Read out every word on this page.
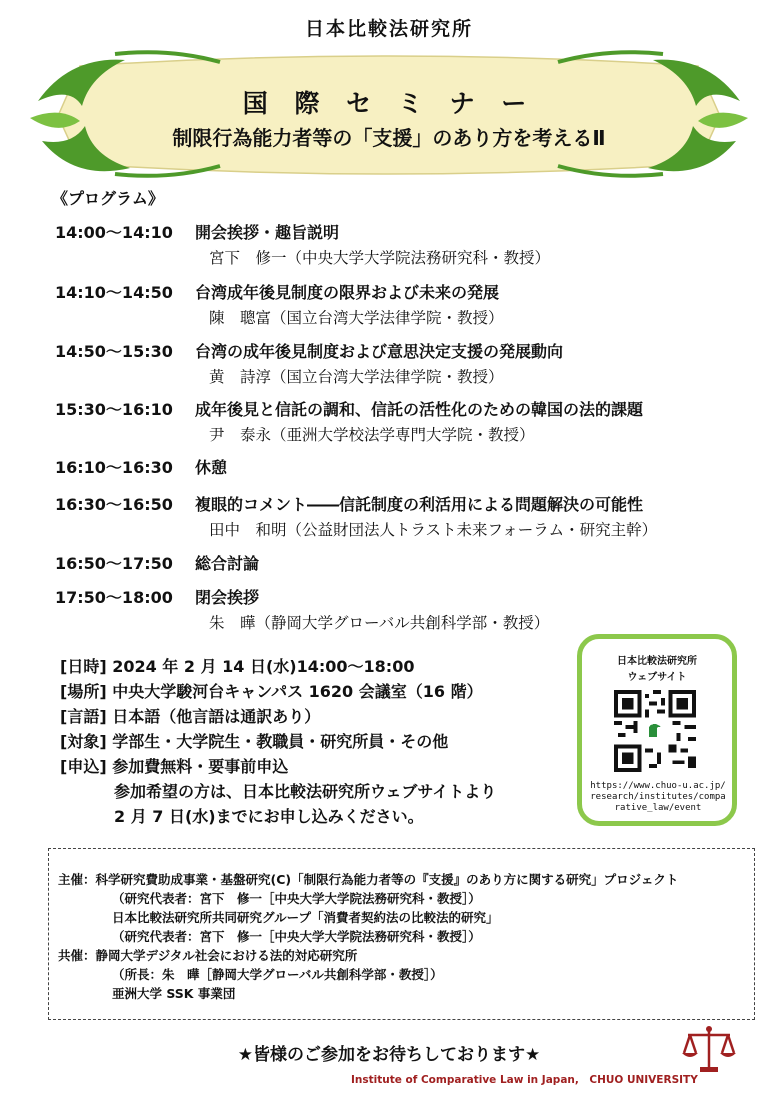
日本比較法研究所
国 際 セ ミ ナ ー
制限行為能力者等の「支援」のあり方を考えるⅡ
《プログラム》
14:00～14:10 開会挨拶・趣旨説明
宮下　修一（中央大学大学院法務研究科・教授）
14:10～14:50 台湾成年後見制度の限界および未来の発展
陳　聰富（国立台湾大学法律学院・教授）
14:50～15:30 台湾の成年後見制度および意思決定支援の発展動向
黄　詩淳（国立台湾大学法律学院・教授）
15:30～16:10 成年後見と信託の調和、信託の活性化のための韓国の法的課題
尹　泰永（亜洲大学校法学専門大学院・教授）
16:10～16:30 休憩
16:30～16:50 複眼的コメント――信託制度の利活用による問題解決の可能性
田中　和明（公益財団法人トラスト未来フォーラム・研究主幹）
16:50～17:50 総合討論
17:50～18:00 閉会挨拶
朱　曄（静岡大学グローバル共創科学部・教授）
[日時] 2024 年 2 月 14 日(水)14:00～18:00
[場所] 中央大学駿河台キャンパス 1620 会議室（16 階）
[言語] 日本語（他言語は通訳あり）
[対象] 学部生・大学院生・教職員・研究所員・その他
[申込] 参加費無料・要事前申込
参加希望の方は、日本比較法研究所ウェブサイトより
2 月 7 日(水)までにお申し込みください。
日本比較法研究所
ウェブサイト
https://www.chuo-u.ac.jp/research/institutes/comparative_law/event
主催：科学研究費助成事業・基盤研究(C)「制限行為能力者等の『支援』のあり方に関する研究」プロジェクト
（研究代表者：宮下　修一［中央大学大学院法務研究科・教授］）
日本比較法研究所共同研究グループ「消費者契約法の比較法的研究」
（研究代表者：宮下　修一［中央大学大学院法務研究科・教授］）
共催：静岡大学デジタル社会における法的対応研究所
（所長：朱　曄［静岡大学グローバル共創科学部・教授］）
亜洲大学 SSK 事業団
★皆様のご参加をお待ちしております★
Institute of Comparative Law in Japan,　CHUO UNIVERSITY
